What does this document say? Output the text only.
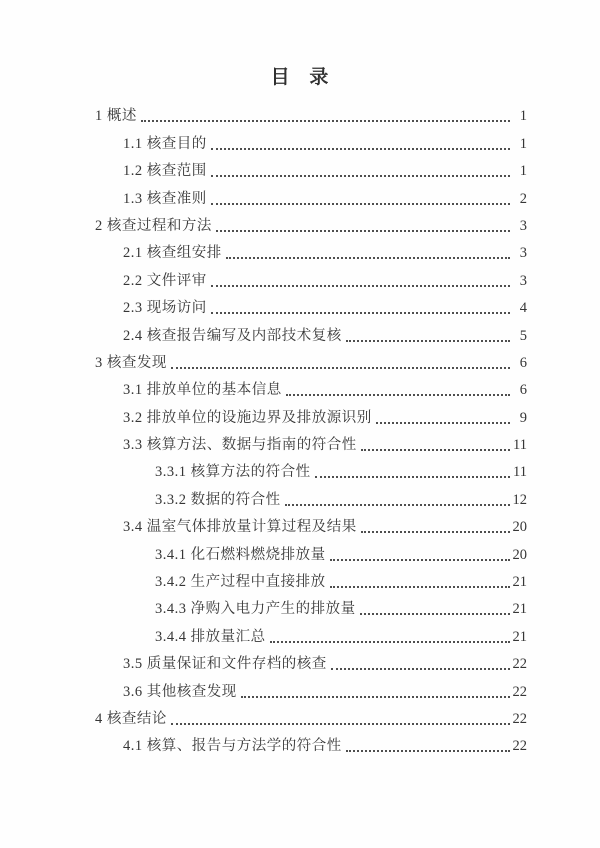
目 录
1 概述	1
1.1 核查目的	1
1.2 核查范围	1
1.3 核查准则	2
2 核查过程和方法	3
2.1 核查组安排	3
2.2 文件评审	3
2.3 现场访问	4
2.4 核查报告编写及内部技术复核	5
3 核查发现	6
3.1 排放单位的基本信息	6
3.2 排放单位的设施边界及排放源识别	9
3.3 核算方法、数据与指南的符合性	11
3.3.1 核算方法的符合性	11
3.3.2 数据的符合性	12
3.4 温室气体排放量计算过程及结果	20
3.4.1 化石燃料燃烧排放量	20
3.4.2 生产过程中直接排放	21
3.4.3 净购入电力产生的排放量	21
3.4.4 排放量汇总	21
3.5 质量保证和文件存档的核查	22
3.6 其他核查发现	22
4 核查结论	22
4.1 核算、报告与方法学的符合性	22
